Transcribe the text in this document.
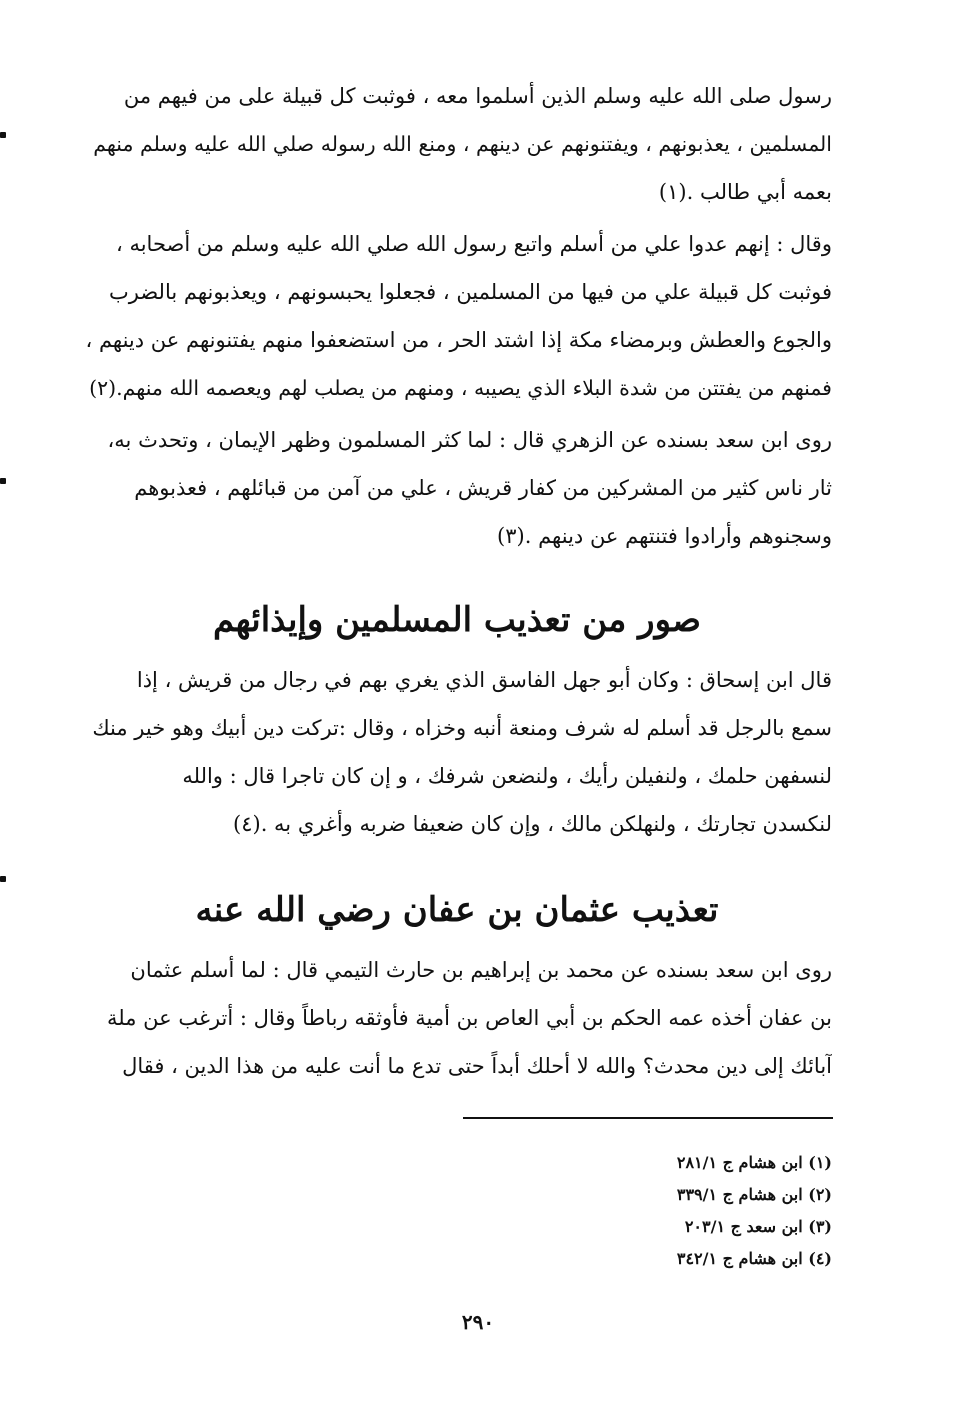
رسول صلى الله عليه وسلم الذين أسلموا معه ، فوثبت كل قبيلة على من فيهم من
المسلمين ، يعذبونهم ، ويفتنونهم عن دينهم ، ومنع الله رسوله صلي الله عليه وسلم منهم
بعمه أبي طالب .(١)
وقال : إنهم عدوا علي من أسلم واتبع رسول الله صلي الله عليه وسلم من أصحابه ،
فوثبت كل قبيلة علي من فيها من المسلمين ، فجعلوا يحبسونهم ، ويعذبونهم بالضرب
والجوع والعطش وبرمضاء مكة إذا اشتد الحر ، من استضعفوا منهم يفتنونهم عن دينهم ،
فمنهم من يفتتن من شدة البلاء الذي يصيبه ، ومنهم من يصلب لهم ويعصمه الله منهم.(٢)
روى ابن سعد بسنده عن الزهري قال : لما كثر المسلمون وظهر الإيمان ، وتحدث به،
ثار ناس كثير من المشركين من كفار قريش ، علي من آمن من قبائلهم ، فعذبوهم
وسجنوهم وأرادوا فتنتهم عن دينهم .(٣)
صور من تعذيب المسلمين وإيذائهم
قال ابن إسحاق : وكان أبو جهل الفاسق الذي يغري بهم في رجال من قريش ، إذا
سمع بالرجل قد أسلم له شرف ومنعة أنبه وخزاه ، وقال :تركت دين أبيك وهو خير منك
لنسفهن حلمك ، ولنفيلن رأيك ، ولنضعن شرفك ، و إن كان تاجرا قال : والله
لنكسدن تجارتك ، ولنهلكن مالك ، وإن كان ضعيفا ضربه وأغري به .(٤)
تعذيب عثمان بن عفان رضي الله عنه
روى ابن سعد بسنده عن محمد بن إبراهيم بن حارث التيمي قال : لما أسلم عثمان
بن عفان أخذه عمه الحكم بن أبي العاص بن أمية فأوثقه رباطاً وقال : أترغب عن ملة
آبائك إلى دين محدث؟ والله لا أحلك أبداً حتى تدع ما أنت عليه من هذا الدين ، فقال
(١) ابن هشام ج ٢٨١/١
(٢) ابن هشام ج ٣٣٩/١
(٣) ابن سعد ج ٢٠٣/١
(٤) ابن هشام ج ٣٤٢/١
٢٩٠
